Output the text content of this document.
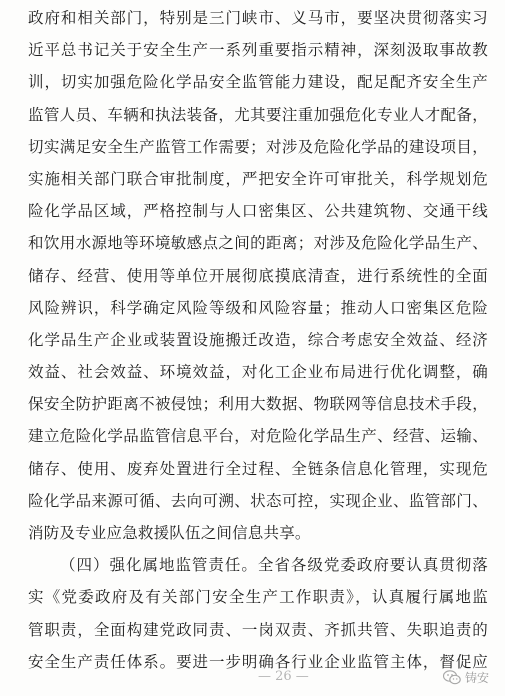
政府和相关部门，特别是三门峡市、义马市，要坚决贯彻落实习
近平总书记关于安全生产一系列重要指示精神，深刻汲取事故教
训，切实加强危险化学品安全监管能力建设，配足配齐安全生产
监管人员、车辆和执法装备，尤其要注重加强危化专业人才配备，
切实满足安全生产监管工作需要；对涉及危险化学品的建设项目，
实施相关部门联合审批制度，严把安全许可审批关，科学规划危
险化学品区域，严格控制与人口密集区、公共建筑物、交通干线
和饮用水源地等环境敏感点之间的距离；对涉及危险化学品生产、
储存、经营、使用等单位开展彻底摸底清查，进行系统性的全面
风险辨识，科学确定风险等级和风险容量；推动人口密集区危险
化学品生产企业或装置设施搬迁改造，综合考虑安全效益、经济
效益、社会效益、环境效益，对化工企业布局进行优化调整，确
保安全防护距离不被侵蚀；利用大数据、物联网等信息技术手段，
建立危险化学品监管信息平台，对危险化学品生产、经营、运输、
储存、使用、废弃处置进行全过程、全链条信息化管理，实现危
险化学品来源可循、去向可溯、状态可控，实现企业、监管部门、
消防及专业应急救援队伍之间信息共享。
（四）强化属地监管责任。全省各级党委政府要认真贯彻落
实《党委政府及有关部门安全生产工作职责》，认真履行属地监
管职责，全面构建党政同责、一岗双责、齐抓共管、失职追责的
安全生产责任体系。要进一步明确各行业企业监管主体，督促应
— 26 —	铸安
